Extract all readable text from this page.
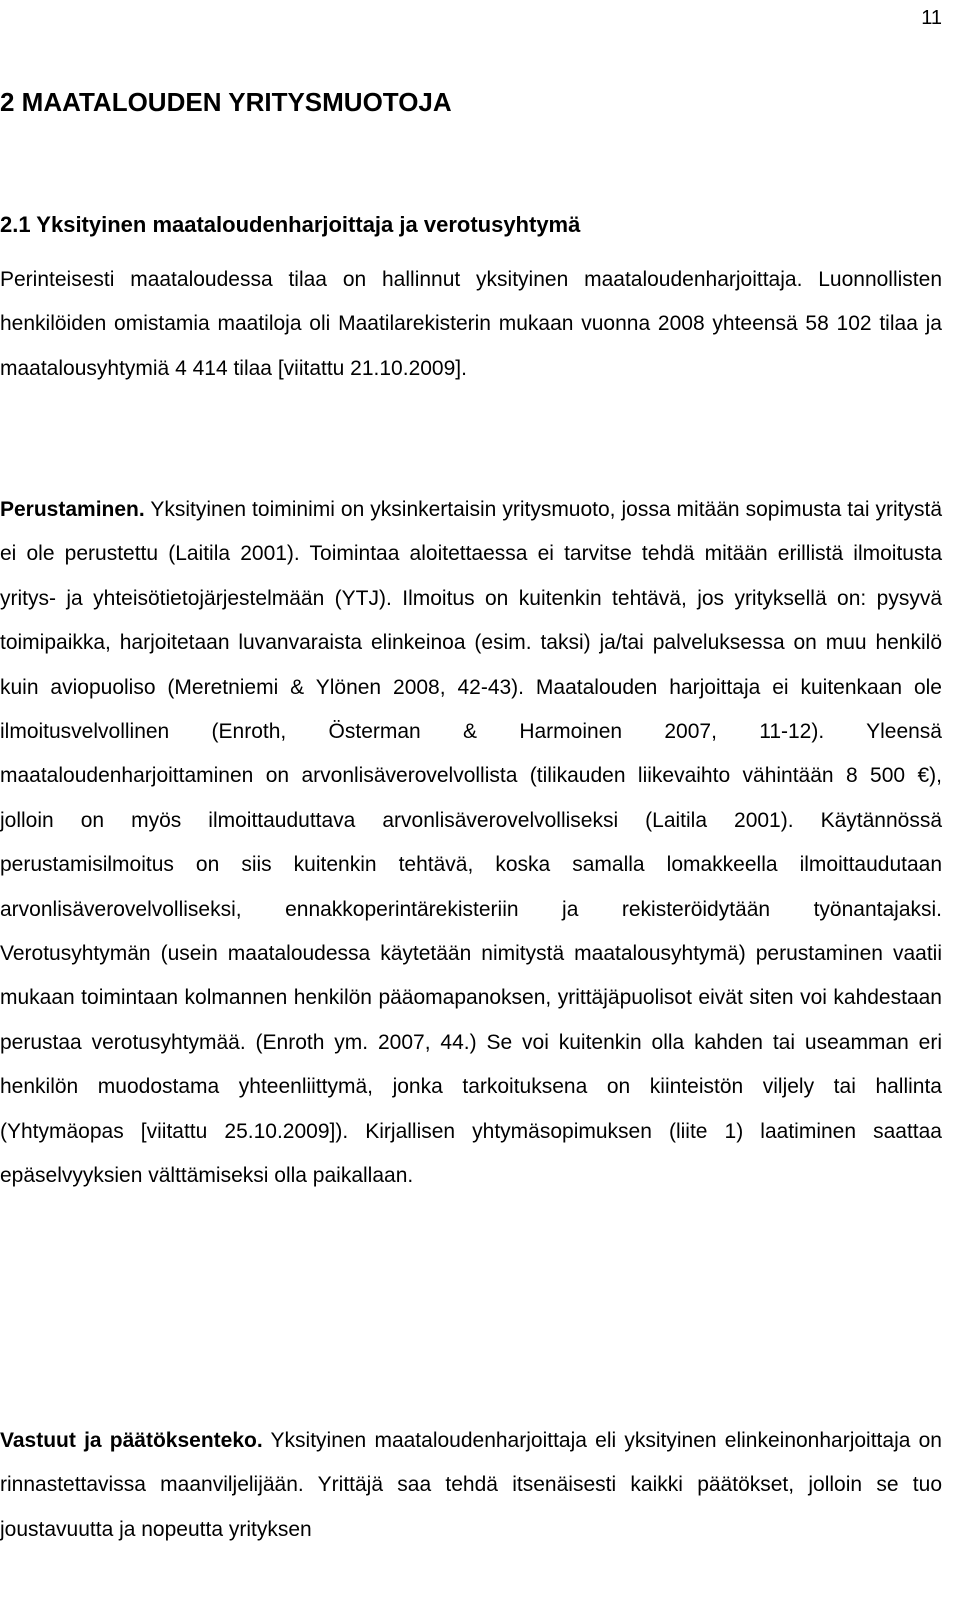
11
2 MAATALOUDEN YRITYSMUOTOJA
2.1 Yksityinen maataloudenharjoittaja ja verotusyhtymä

Perinteisesti maataloudessa tilaa on hallinnut yksityinen maataloudenharjoittaja. Luonnollisten henkilöiden omistamia maatiloja oli Maatilarekisterin mukaan vuonna 2008 yhteensä 58 102 tilaa ja maatalousyhtymiä 4 414 tilaa [viitattu 21.10.2009].

Perustaminen. Yksityinen toiminimi on yksinkertaisin yritysmuoto, jossa mitään sopimusta tai yritystä ei ole perustettu (Laitila 2001). Toimintaa aloitettaessa ei tarvitse tehdä mitään erillistä ilmoitusta yritys- ja yhteisötietojärjestelmään (YTJ). Ilmoitus on kuitenkin tehtävä, jos yrityksellä on: pysyvä toimipaikka, harjoitetaan luvanvaraista elinkeinoa (esim. taksi) ja/tai palveluksessa on muu henkilö kuin aviopuoliso (Meretniemi & Ylönen 2008, 42-43). Maatalouden harjoittaja ei kuitenkaan ole ilmoitusvelvollinen (Enroth, Österman & Harmoinen 2007, 11-12). Yleensä maataloudenharjoittaminen on arvonlisäverovelvollista (tilikauden liikevaihto vähintään 8 500 €), jolloin on myös ilmoittauduttava arvonlisäverovelvolliseksi (Laitila 2001). Käytännössä perustamisilmoitus on siis kuitenkin tehtävä, koska samalla lomakkeella ilmoittaudutaan arvonlisäverovelvolliseksi, ennakkoperintärekisteriin ja rekisteröidytään työnantajaksi. Verotusyhtymän (usein maataloudessa käytetään nimitystä maatalousyhtymä) perustaminen vaatii mukaan toimintaan kolmannen henkilön pääomapanoksen, yrittäjäpuolisot eivät siten voi kahdestaan perustaa verotusyhtymää. (Enroth ym. 2007, 44.) Se voi kuitenkin olla kahden tai useamman eri henkilön muodostama yhteenliittymä, jonka tarkoituksena on kiinteistön viljely tai hallinta (Yhtymäopas [viitattu 25.10.2009]). Kirjallisen yhtymäsopimuksen (liite 1) laatiminen saattaa epäselvyyksien välttämiseksi olla paikallaan.

Vastuut ja päätöksenteko. Yksityinen maataloudenharjoittaja eli yksityinen elinkeinonharjoittaja on rinnastettavissa maanviljelijään. Yrittäjä saa tehdä itsenäisesti kaikki päätökset, jolloin se tuo joustavuutta ja nopeutta yrityksen
